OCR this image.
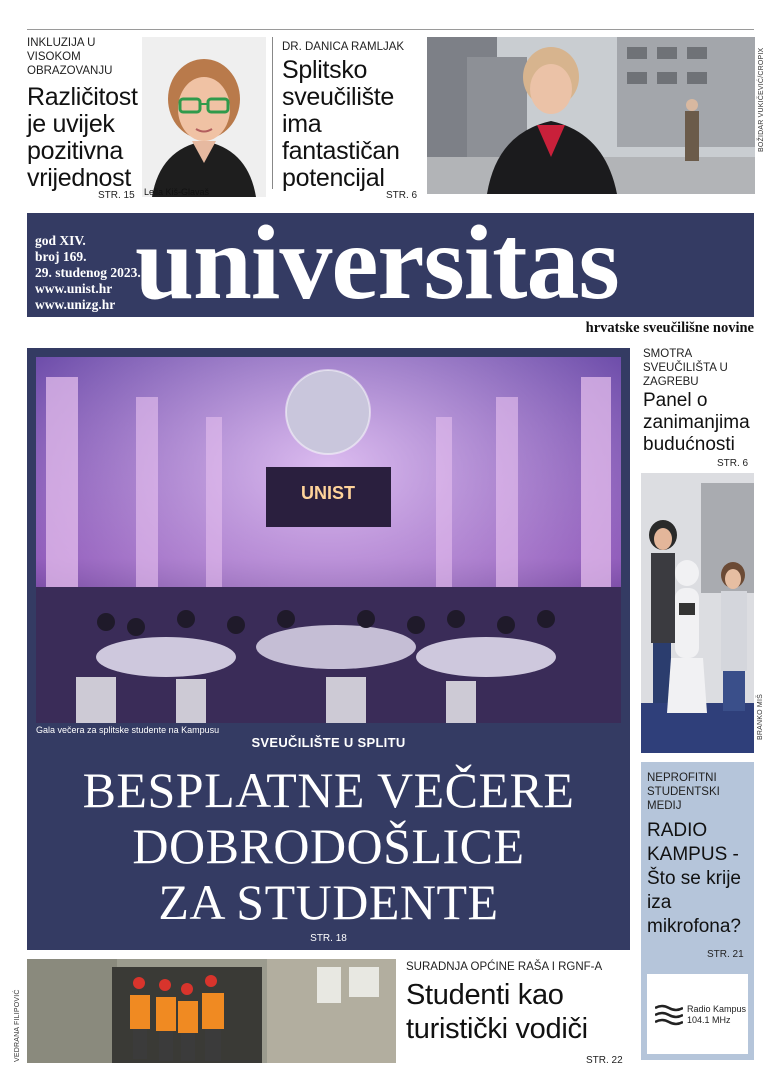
INKLUZIJA U VISOKOM OBRAZOVANJU
Različitost je uvijek pozitivna vrijednost
STR. 15 Lelia Kiš-Glavaš
DR. DANICA RAMLJAK
Splitsko sveučilište ima fantastičan potencijal
STR. 6
BOŽIDAR VUKIČEVIĆ/CROPIX
god XIV.
broj 169.
29. studenog 2023.
www.unist.hr
www.unizg.hr universitas
hrvatske sveučilišne novine
UNIST
Gala večera za splitske studente na Kampusu
SVEUČILIŠTE U SPLITU
BESPLATNE VEČERE
DOBRODOŠLICE
ZA STUDENTE
STR. 18
SMOTRA SVEUČILIŠTA U ZAGREBU
Panel o zanimanjima budućnosti
STR. 6
BRANKO MIŠ
NEPROFITNI STUDENTSKI MEDIJ
RADIO KAMPUS - Što se krije iza mikrofona?
STR. 21
Radio Kampus
104.1 MHz
VEDRANA FILIPOVIĆ
SURADNJA OPĆINE RAŠA I RGNF-A
Studenti kao turistički vodiči
STR. 22
